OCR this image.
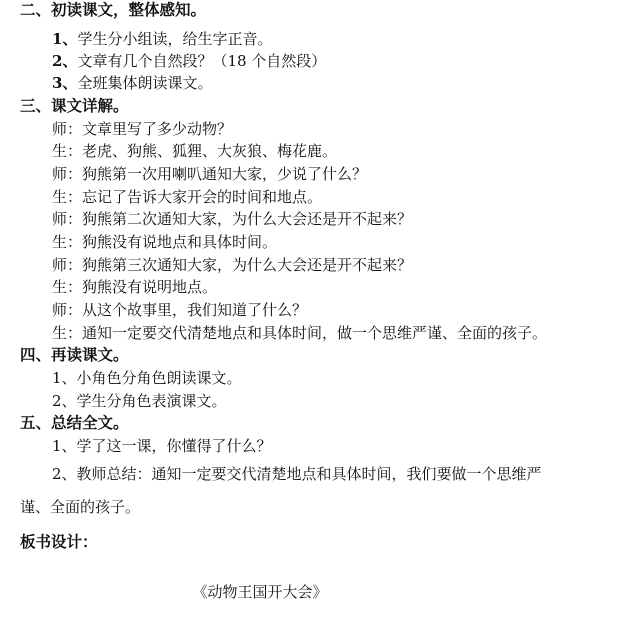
二、初读课文，整体感知。
1、学生分小组读，给生字正音。
2、文章有几个自然段？（18 个自然段）
3、全班集体朗读课文。
三、课文详解。
师：文章里写了多少动物？
生：老虎、狗熊、狐狸、大灰狼、梅花鹿。
师：狗熊第一次用喇叭通知大家，少说了什么？
生：忘记了告诉大家开会的时间和地点。
师：狗熊第二次通知大家，为什么大会还是开不起来？
生：狗熊没有说地点和具体时间。
师：狗熊第三次通知大家，为什么大会还是开不起来？
生：狗熊没有说明地点。
师：从这个故事里，我们知道了什么？
生：通知一定要交代清楚地点和具体时间，做一个思维严谨、全面的孩子。
四、再读课文。
1、小角色分角色朗读课文。
2、学生分角色表演课文。
五、总结全文。
1、学了这一课，你懂得了什么？
2、教师总结：通知一定要交代清楚地点和具体时间，我们要做一个思维严
谨、全面的孩子。
板书设计：
《动物王国开大会》
